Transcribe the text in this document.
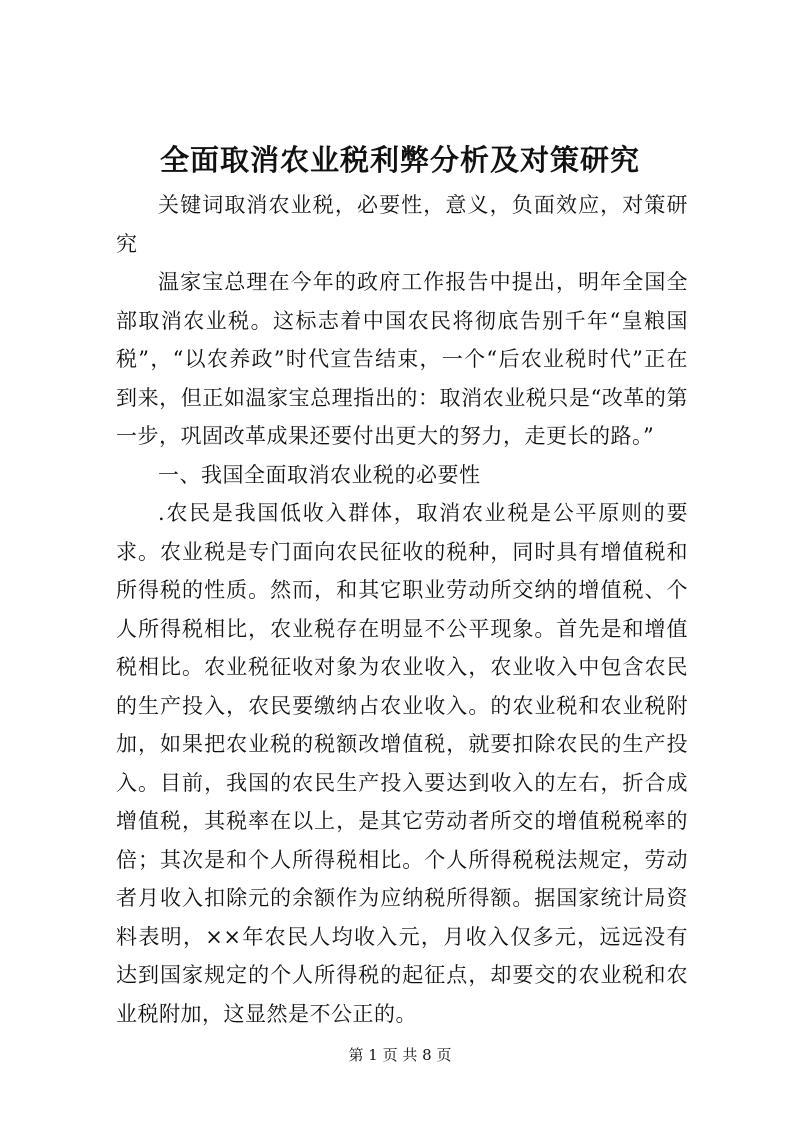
全面取消农业税利弊分析及对策研究

关键词取消农业税，必要性，意义，负面效应，对策研究

温家宝总理在今年的政府工作报告中提出，明年全国全部取消农业税。这标志着中国农民将彻底告别千年“皇粮国税”，“以农养政”时代宣告结束，一个“后农业税时代”正在到来，但正如温家宝总理指出的：取消农业税只是“改革的第一步，巩固改革成果还要付出更大的努力，走更长的路。”

一、我国全面取消农业税的必要性

.农民是我国低收入群体，取消农业税是公平原则的要求。农业税是专门面向农民征收的税种，同时具有增值税和所得税的性质。然而，和其它职业劳动所交纳的增值税、个人所得税相比，农业税存在明显不公平现象。首先是和增值税相比。农业税征收对象为农业收入，农业收入中包含农民的生产投入，农民要缴纳占农业收入。的农业税和农业税附加，如果把农业税的税额改增值税，就要扣除农民的生产投入。目前，我国的农民生产投入要达到收入的左右，折合成增值税，其税率在以上，是其它劳动者所交的增值税税率的倍；其次是和个人所得税相比。个人所得税税法规定，劳动者月收入扣除元的余额作为应纳税所得额。据国家统计局资料表明，××年农民人均收入元，月收入仅多元，远远没有达到国家规定的个人所得税的起征点，却要交的农业税和农业税附加，这显然是不公正的。

第 1 页 共 8 页
